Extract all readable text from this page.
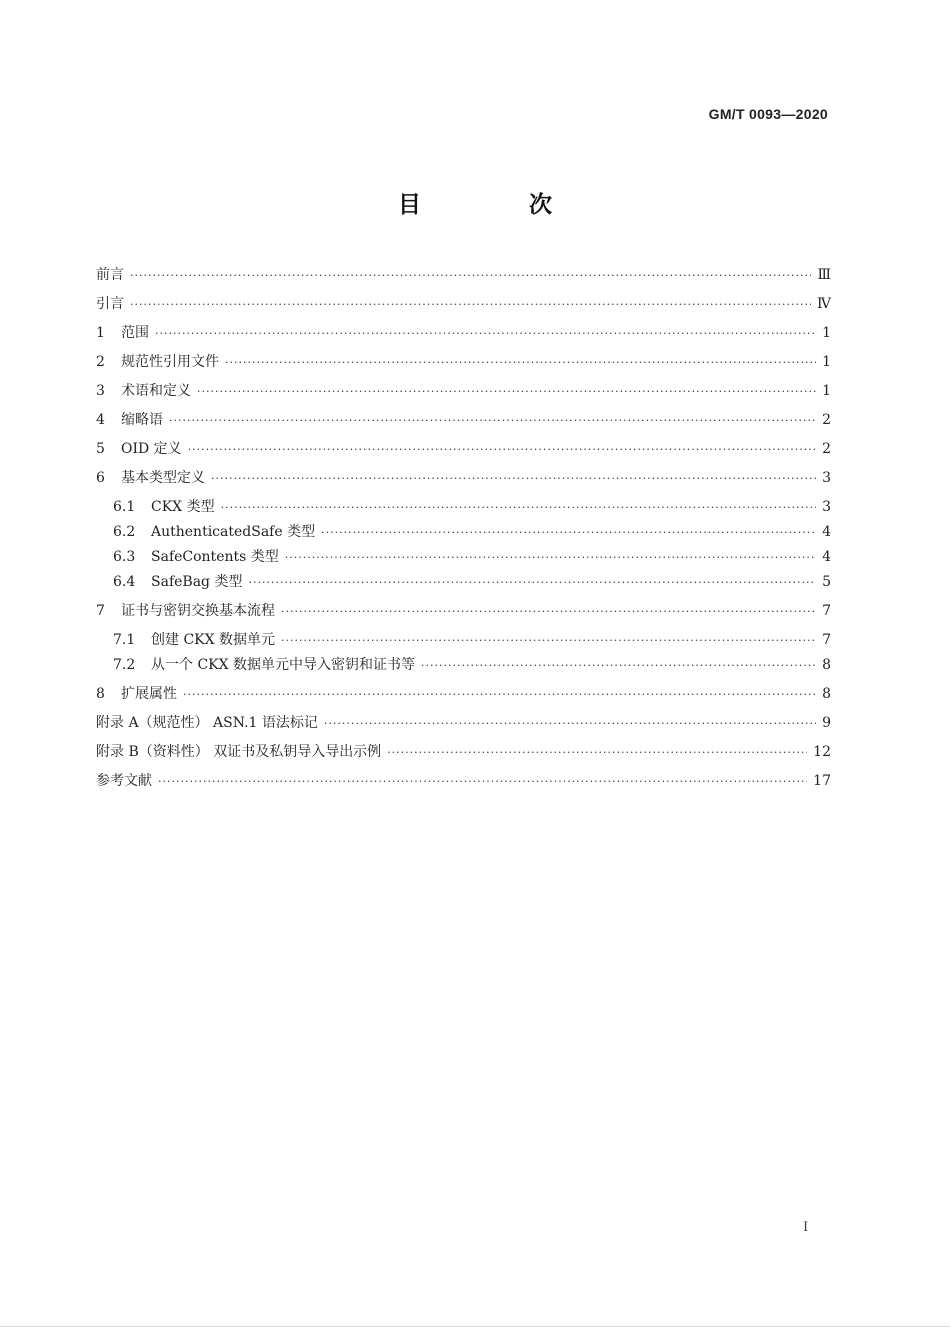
GM/T 0093—2020
目 次
前言 ·····	Ⅲ
引言 ·····	Ⅳ
1	范围 ·····	1
2	规范性引用文件 ·····	1
3	术语和定义 ·····	1
4	缩略语 ·····	2
5	OID 定义 ·····	2
6	基本类型定义 ·····	3
6.1	CKX 类型 ·····	3
6.2	AuthenticatedSafe 类型 ·····	4
6.3	SafeContents 类型 ·····	4
6.4	SafeBag 类型 ·····	5
7	证书与密钥交换基本流程 ·····	7
7.1	创建 CKX 数据单元 ·····	7
7.2	从一个 CKX 数据单元中导入密钥和证书等 ·····	8
8	扩展属性 ·····	8
附录 A（规范性） ASN.1 语法标记 ·····	9
附录 B（资料性） 双证书及私钥导入导出示例 ·····	12
参考文献 ·····	17
I
